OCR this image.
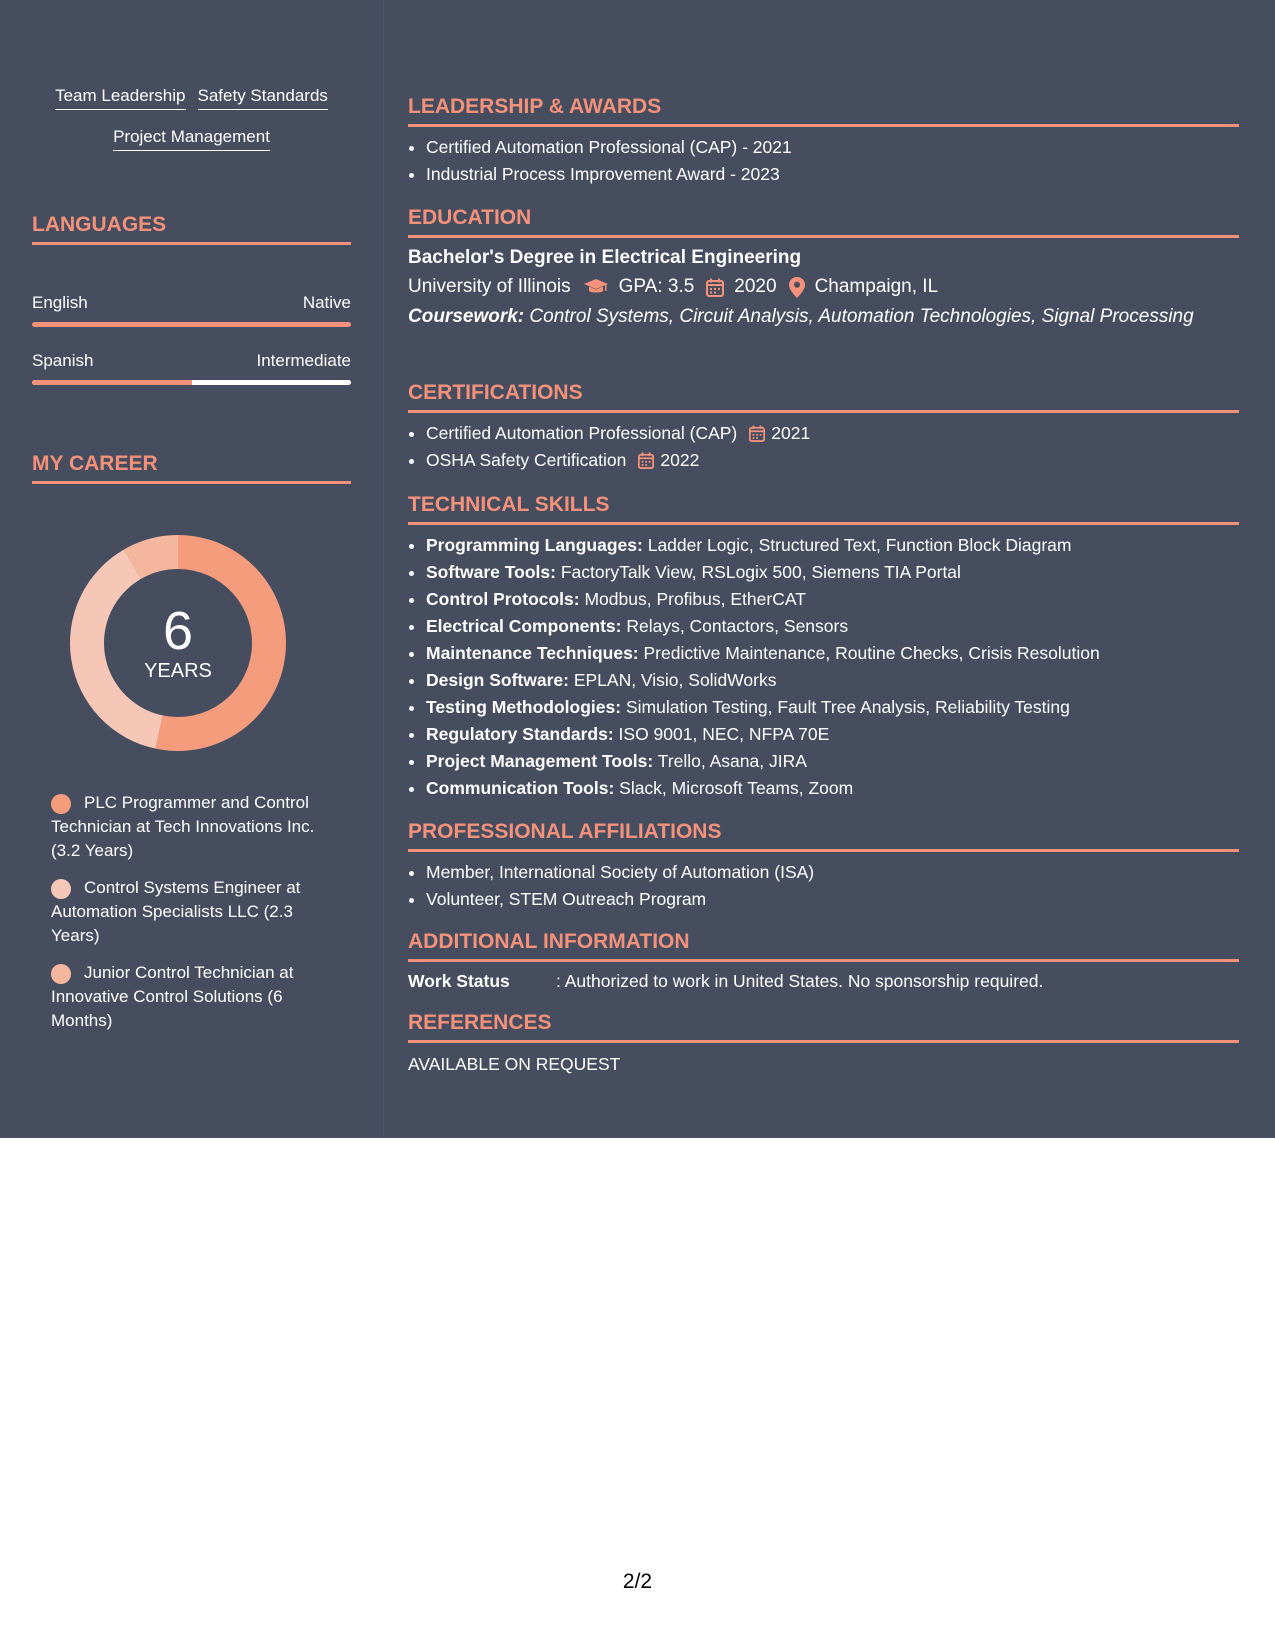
Team Leadership Safety Standards
Project Management
LANGUAGES
English	Native
Spanish	Intermediate
MY CAREER
6
YEARS
PLC Programmer and Control Technician at Tech Innovations Inc. (3.2 Years)
Control Systems Engineer at Automation Specialists LLC (2.3 Years)
Junior Control Technician at Innovative Control Solutions (6 Months)
LEADERSHIP & AWARDS
• Certified Automation Professional (CAP) - 2021
• Industrial Process Improvement Award - 2023
EDUCATION
Bachelor's Degree in Electrical Engineering
University of Illinois	GPA: 3.5 2020 Champaign, IL
Coursework: Control Systems, Circuit Analysis, Automation Technologies, Signal Processing
CERTIFICATIONS
• Certified Automation Professional (CAP) 2021
• OSHA Safety Certification 2022
TECHNICAL SKILLS
• Programming Languages: Ladder Logic, Structured Text, Function Block Diagram
• Software Tools: FactoryTalk View, RSLogix 500, Siemens TIA Portal
• Control Protocols: Modbus, Profibus, EtherCAT
• Electrical Components: Relays, Contactors, Sensors
• Maintenance Techniques: Predictive Maintenance, Routine Checks, Crisis Resolution
• Design Software: EPLAN, Visio, SolidWorks
• Testing Methodologies: Simulation Testing, Fault Tree Analysis, Reliability Testing
• Regulatory Standards: ISO 9001, NEC, NFPA 70E
• Project Management Tools: Trello, Asana, JIRA
• Communication Tools: Slack, Microsoft Teams, Zoom
PROFESSIONAL AFFILIATIONS
• Member, International Society of Automation (ISA)
• Volunteer, STEM Outreach Program
ADDITIONAL INFORMATION
Work Status	: Authorized to work in United States. No sponsorship required.
REFERENCES
AVAILABLE ON REQUEST
2/2
